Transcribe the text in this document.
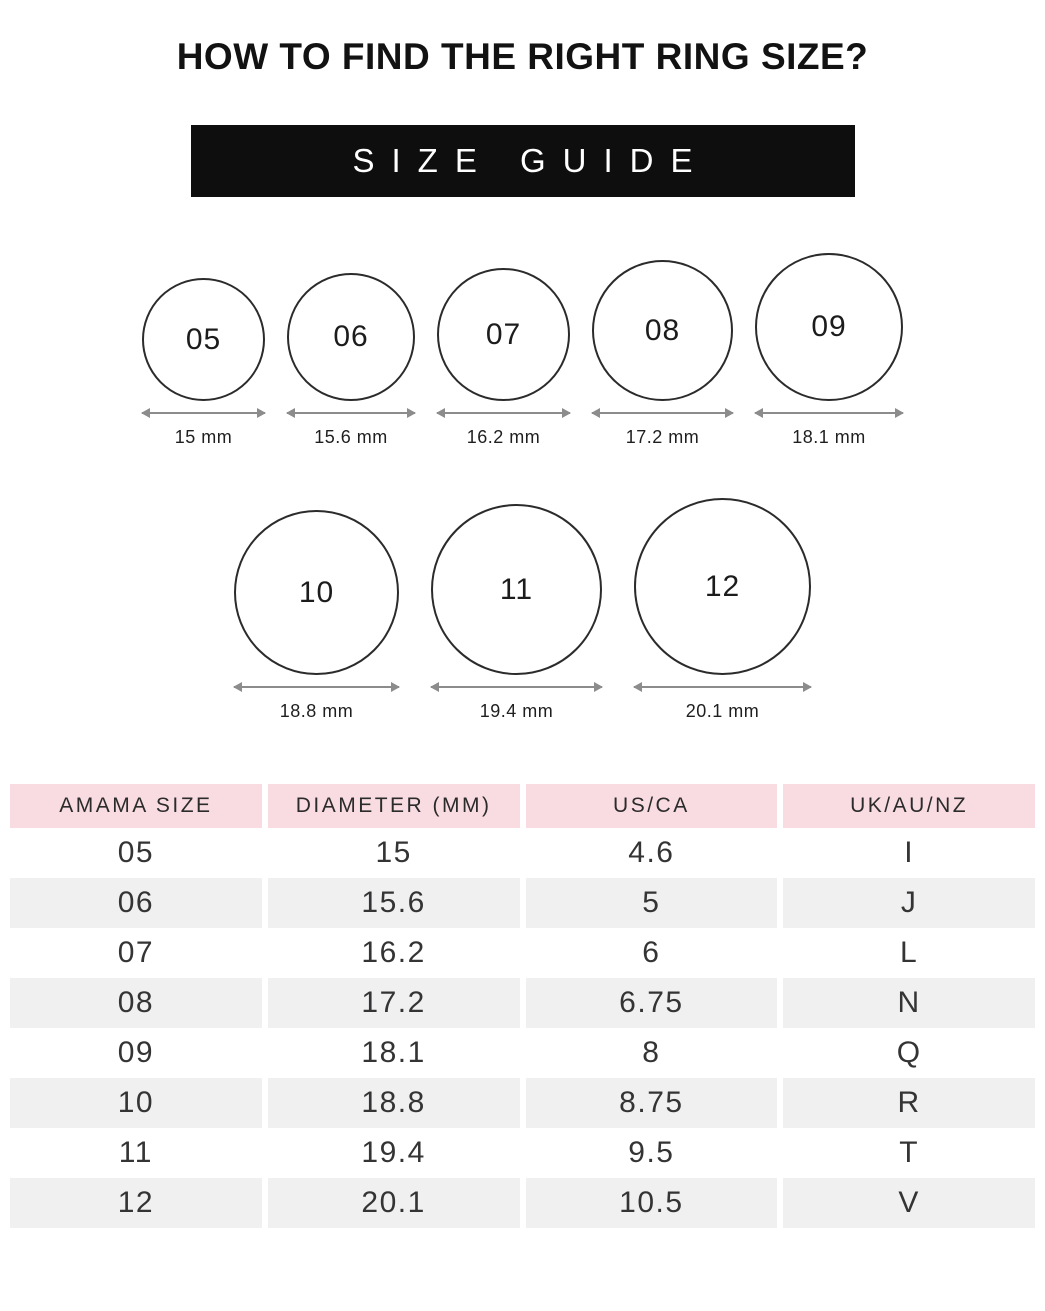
HOW TO FIND THE RIGHT RING SIZE?
SIZE GUIDE
05
15 mm
06
15.6 mm
07
16.2 mm
08
17.2 mm
09
18.1 mm
10
18.8 mm
11
19.4 mm
12
20.1 mm
AMAMA SIZE	DIAMETER (MM)	US/CA	UK/AU/NZ
05	15	4.6	I
06	15.6	5	J
07	16.2	6	L
08	17.2	6.75	N
09	18.1	8	Q
10	18.8	8.75	R
11	19.4	9.5	T
12	20.1	10.5	V
